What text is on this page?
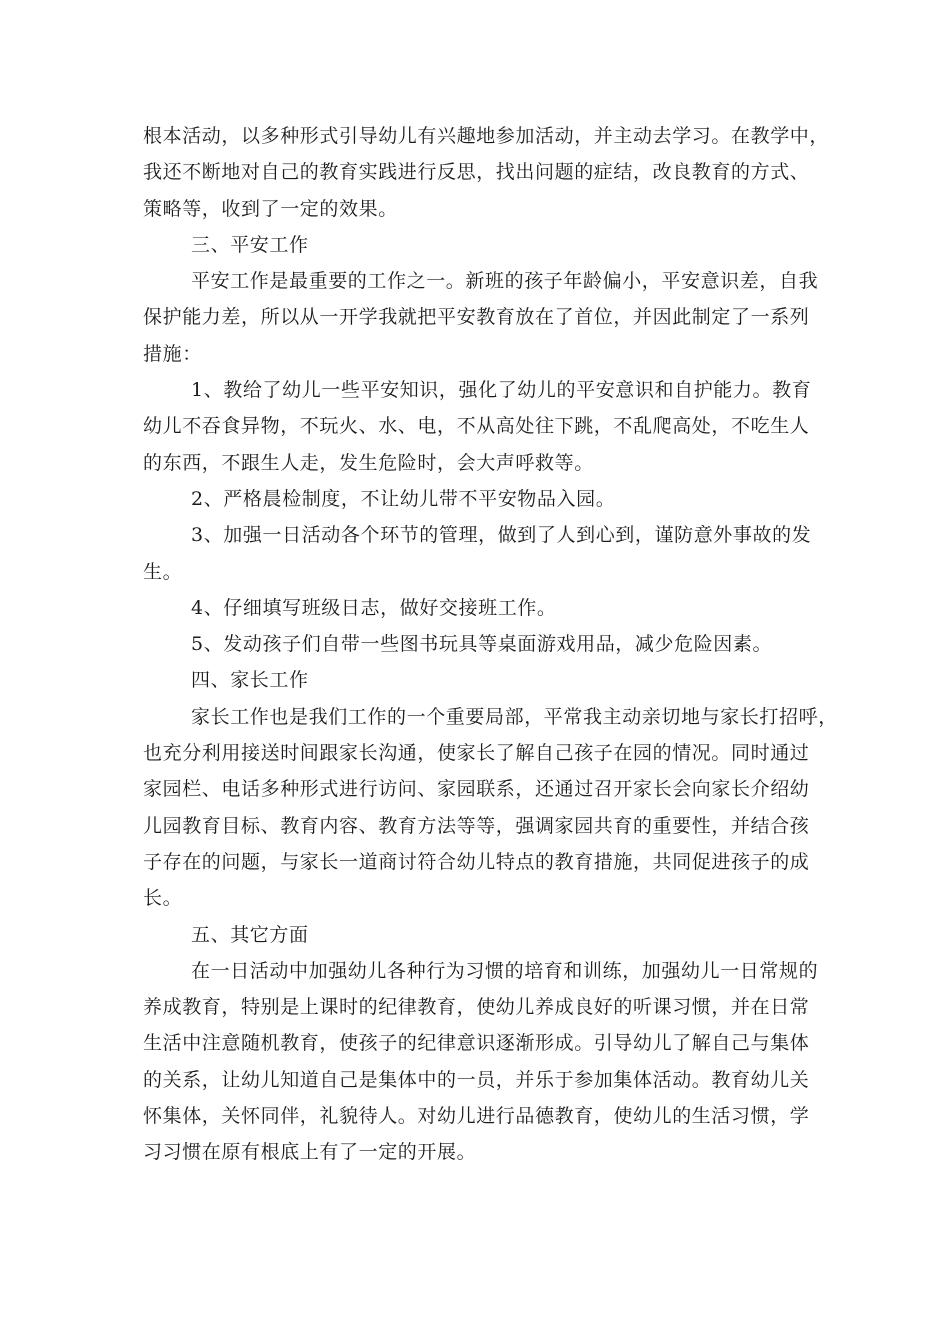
根本活动，以多种形式引导幼儿有兴趣地参加活动，并主动去学习。在教学中，
我还不断地对自己的教育实践进行反思，找出问题的症结，改良教育的方式、
策略等，收到了一定的效果。
三、平安工作
平安工作是最重要的工作之一。新班的孩子年龄偏小，平安意识差，自我
保护能力差，所以从一开学我就把平安教育放在了首位，并因此制定了一系列
措施：
1、教给了幼儿一些平安知识，强化了幼儿的平安意识和自护能力。教育
幼儿不吞食异物，不玩火、水、电，不从高处往下跳，不乱爬高处，不吃生人
的东西，不跟生人走，发生危险时，会大声呼救等。
2、严格晨检制度，不让幼儿带不平安物品入园。
3、加强一日活动各个环节的管理，做到了人到心到，谨防意外事故的发
生。
4、仔细填写班级日志，做好交接班工作。
5、发动孩子们自带一些图书玩具等桌面游戏用品，减少危险因素。
四、家长工作
家长工作也是我们工作的一个重要局部，平常我主动亲切地与家长打招呼，
也充分利用接送时间跟家长沟通，使家长了解自己孩子在园的情况。同时通过
家园栏、电话多种形式进行访问、家园联系，还通过召开家长会向家长介绍幼
儿园教育目标、教育内容、教育方法等等，强调家园共育的重要性，并结合孩
子存在的问题，与家长一道商讨符合幼儿特点的教育措施，共同促进孩子的成
长。
五、其它方面
在一日活动中加强幼儿各种行为习惯的培育和训练，加强幼儿一日常规的
养成教育，特别是上课时的纪律教育，使幼儿养成良好的听课习惯，并在日常
生活中注意随机教育，使孩子的纪律意识逐渐形成。引导幼儿了解自己与集体
的关系，让幼儿知道自己是集体中的一员，并乐于参加集体活动。教育幼儿关
怀集体，关怀同伴，礼貌待人。对幼儿进行品德教育，使幼儿的生活习惯，学
习习惯在原有根底上有了一定的开展。
